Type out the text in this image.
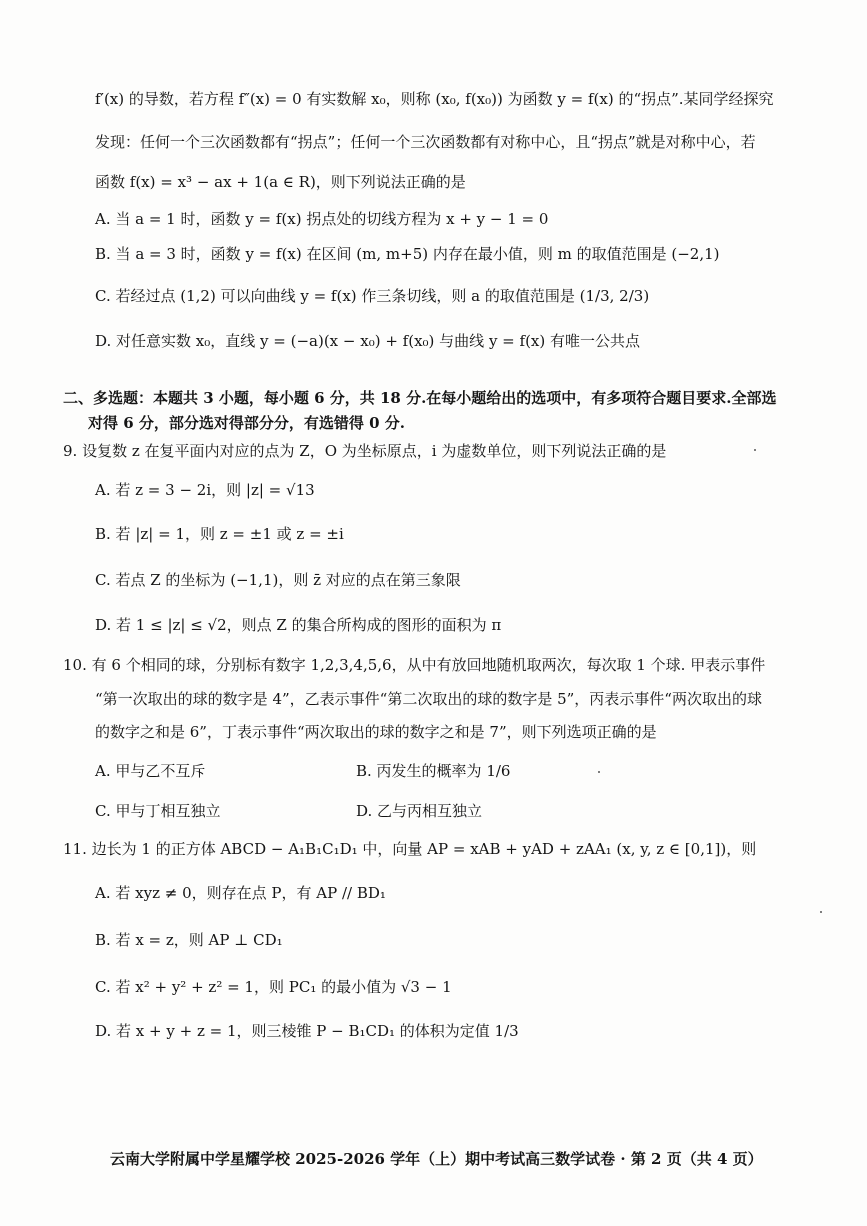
f′(x) 的导数，若方程 f″(x) = 0 有实数解 x₀，则称 (x₀, f(x₀)) 为函数 y = f(x) 的“拐点”.某同学经探究
发现：任何一个三次函数都有“拐点”；任何一个三次函数都有对称中心，且“拐点”就是对称中心，若
函数 f(x) = x³ − ax + 1(a ∈ R)，则下列说法正确的是
A. 当 a = 1 时，函数 y = f(x) 拐点处的切线方程为 x + y − 1 = 0
B. 当 a = 3 时，函数 y = f(x) 在区间 (m, m+5) 内存在最小值，则 m 的取值范围是 (−2,1)
C. 若经过点 (1,2) 可以向曲线 y = f(x) 作三条切线，则 a 的取值范围是 (1/3, 2/3)
D. 对任意实数 x₀，直线 y = (−a)(x − x₀) + f(x₀) 与曲线 y = f(x) 有唯一公共点
二、多选题：本题共 3 小题，每小题 6 分，共 18 分.在每小题给出的选项中，有多项符合题目要求.全部选
对得 6 分，部分选对得部分分，有选错得 0 分.
9. 设复数 z 在复平面内对应的点为 Z，O 为坐标原点，i 为虚数单位，则下列说法正确的是
A. 若 z = 3 − 2i，则 |z| = √13
B. 若 |z| = 1，则 z = ±1 或 z = ±i
C. 若点 Z 的坐标为 (−1,1)，则 z̄ 对应的点在第三象限
D. 若 1 ≤ |z| ≤ √2，则点 Z 的集合所构成的图形的面积为 π
10. 有 6 个相同的球，分别标有数字 1,2,3,4,5,6，从中有放回地随机取两次，每次取 1 个球. 甲表示事件
“第一次取出的球的数字是 4”，乙表示事件“第二次取出的球的数字是 5”，丙表示事件“两次取出的球
的数字之和是 6”，丁表示事件“两次取出的球的数字之和是 7”，则下列选项正确的是
A. 甲与乙不互斥	B. 丙发生的概率为 1/6
C. 甲与丁相互独立	D. 乙与丙相互独立
11. 边长为 1 的正方体 ABCD − A₁B₁C₁D₁ 中，向量 AP = xAB + yAD + zAA₁ (x, y, z ∈ [0,1])，则
A. 若 xyz ≠ 0，则存在点 P，有 AP // BD₁
B. 若 x = z，则 AP ⊥ CD₁
C. 若 x² + y² + z² = 1，则 PC₁ 的最小值为 √3 − 1
D. 若 x + y + z = 1，则三棱锥 P − B₁CD₁ 的体积为定值 1/3
云南大学附属中学星耀学校 2025-2026 学年（上）期中考试高三数学试卷 · 第 2 页（共 4 页）
